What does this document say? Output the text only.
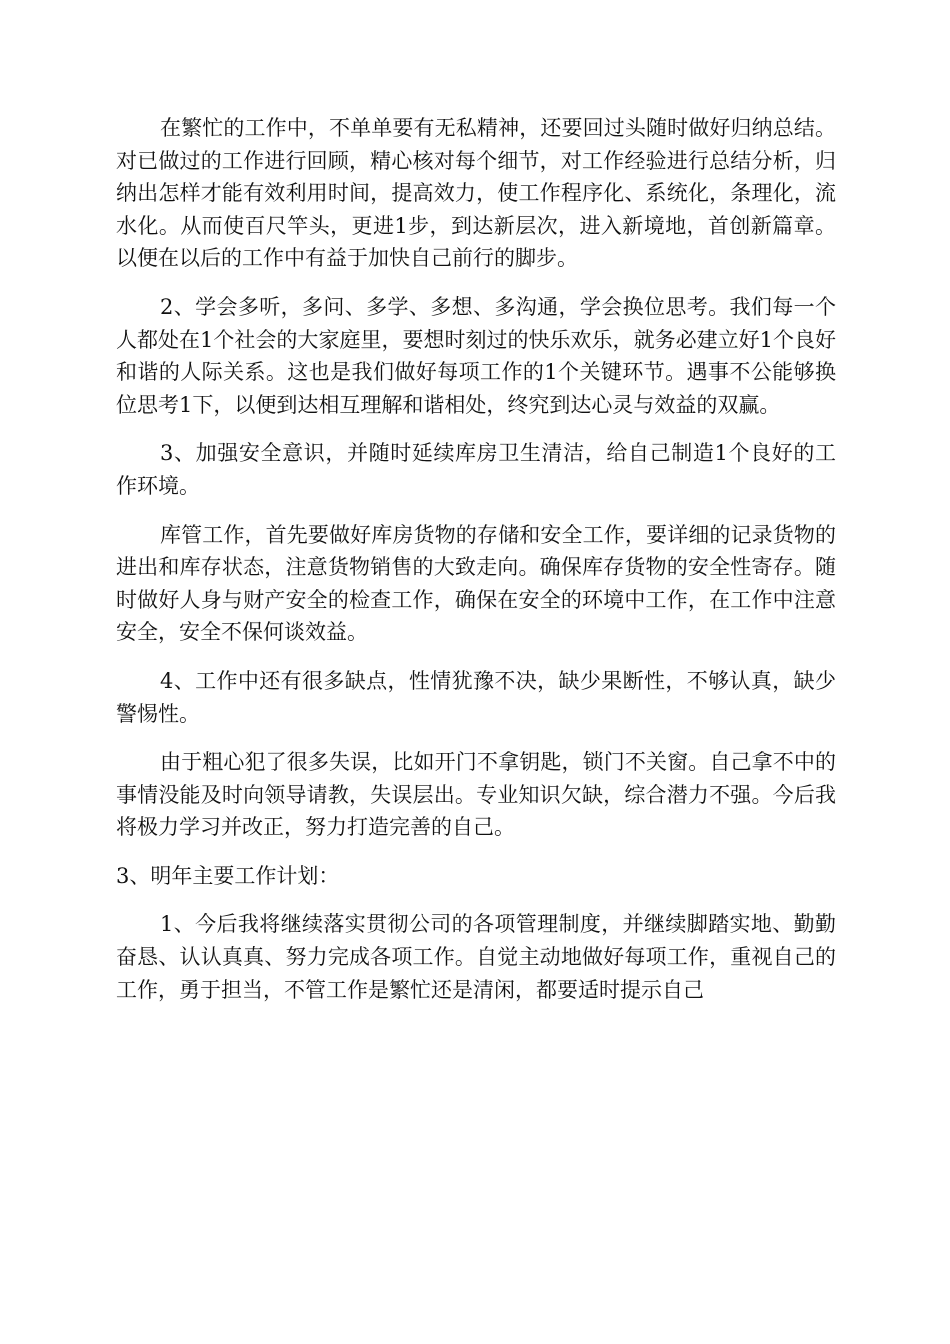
在繁忙的工作中，不单单要有无私精神，还要回过头随时做好归纳总结。对已做过的工作进行回顾，精心核对每个细节，对工作经验进行总结分析，归纳出怎样才能有效利用时间，提高效力，使工作程序化、系统化，条理化，流水化。从而使百尺竿头，更进1步，到达新层次，进入新境地，首创新篇章。以便在以后的工作中有益于加快自己前行的脚步。

2、学会多听，多问、多学、多想、多沟通，学会换位思考。我们每一个人都处在1个社会的大家庭里，要想时刻过的快乐欢乐，就务必建立好1个良好和谐的人际关系。这也是我们做好每项工作的1个关键环节。遇事不公能够换位思考1下，以便到达相互理解和谐相处，终究到达心灵与效益的双赢。

3、加强安全意识，并随时延续库房卫生清洁，给自己制造1个良好的工作环境。

库管工作，首先要做好库房货物的存储和安全工作，要详细的记录货物的进出和库存状态，注意货物销售的大致走向。确保库存货物的安全性寄存。随时做好人身与财产安全的检查工作，确保在安全的环境中工作，在工作中注意安全，安全不保何谈效益。

4、工作中还有很多缺点，性情犹豫不决，缺少果断性，不够认真，缺少警惕性。

由于粗心犯了很多失误，比如开门不拿钥匙，锁门不关窗。自己拿不中的事情没能及时向领导请教，失误层出。专业知识欠缺，综合潜力不强。今后我将极力学习并改正，努力打造完善的自己。

3、明年主要工作计划：

1、今后我将继续落实贯彻公司的各项管理制度，并继续脚踏实地、勤勤奋恳、认认真真、努力完成各项工作。自觉主动地做好每项工作，重视自己的工作，勇于担当，不管工作是繁忙还是清闲，都要适时提示自己
